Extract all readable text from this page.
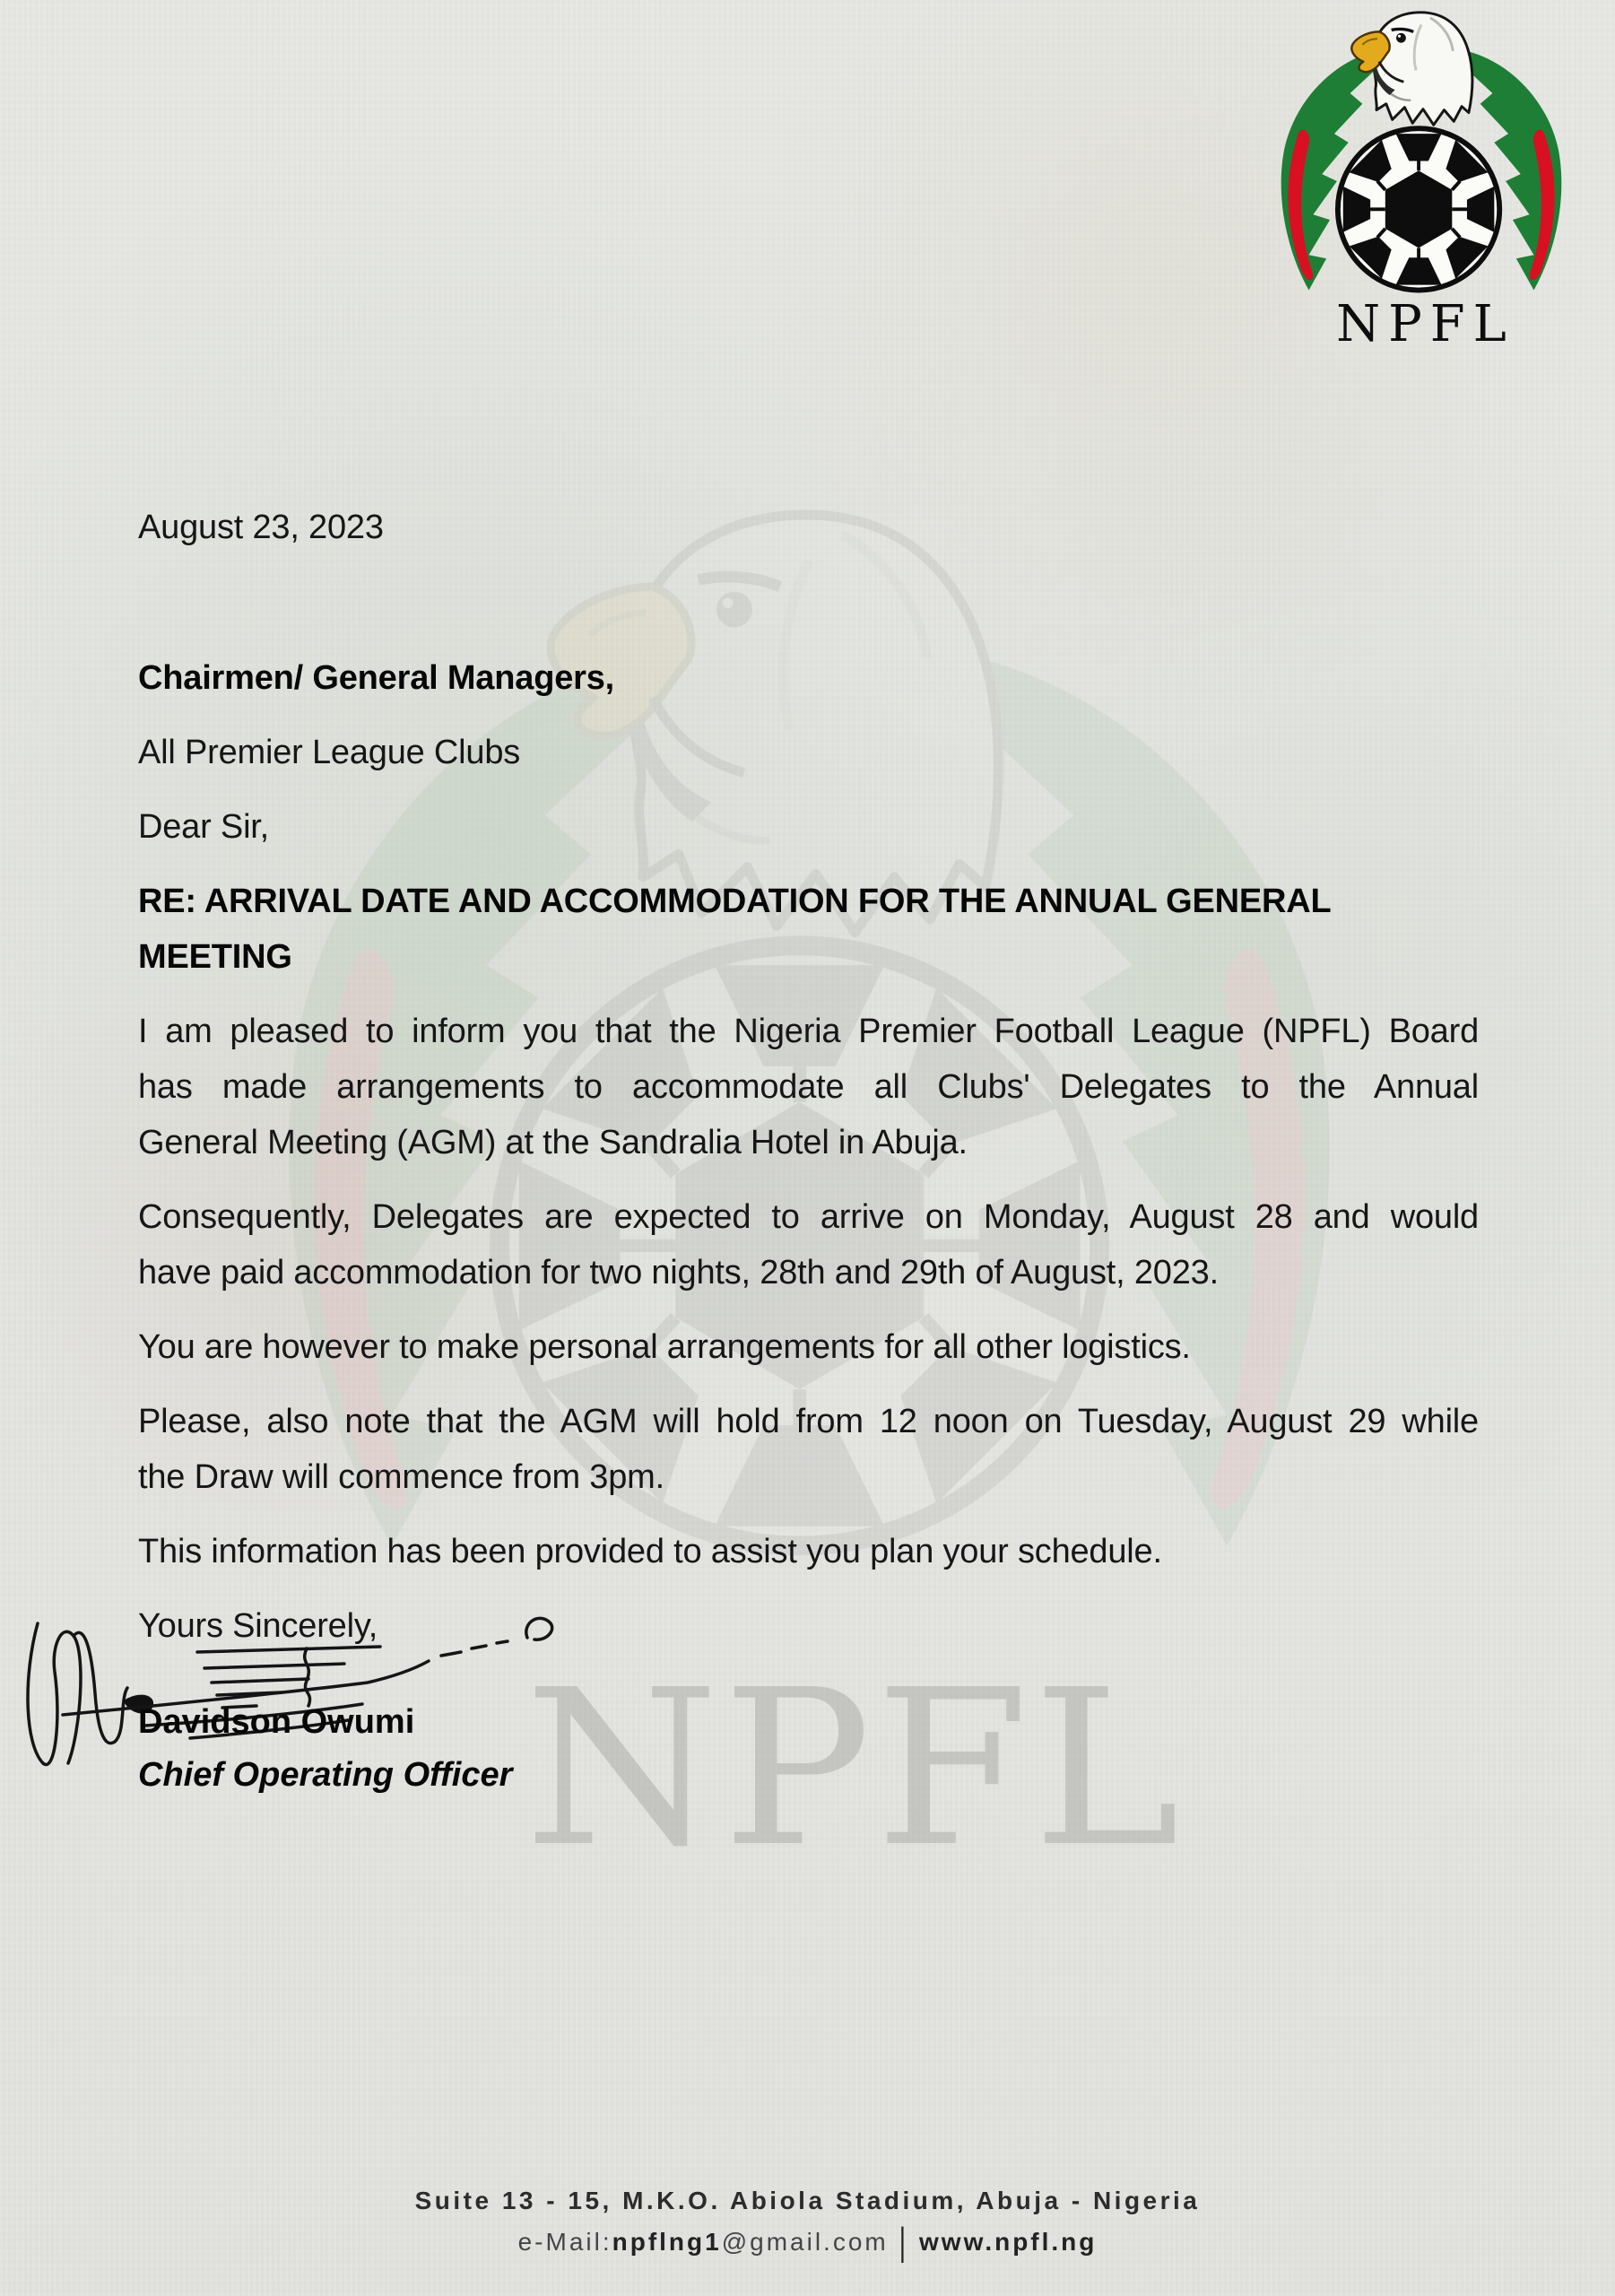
NPFL
NPFL

August 23, 2023

Chairmen/ General Managers,

All Premier League Clubs

Dear Sir,

RE: ARRIVAL DATE AND ACCOMMODATION FOR THE ANNUAL GENERAL MEETING

I am pleased to inform you that the Nigeria Premier Football League (NPFL) Board
has made arrangements to accommodate all Clubs' Delegates to the Annual
General Meeting (AGM) at the Sandralia Hotel in Abuja.
Consequently, Delegates are expected to arrive on Monday, August 28 and would
have paid accommodation for two nights, 28th and 29th of August, 2023.
You are however to make personal arrangements for all other logistics.
Please, also note that the AGM will hold from 12 noon on Tuesday, August 29 while
the Draw will commence from 3pm.
This information has been provided to assist you plan your schedule.

Yours Sincerely,

Davidson Owumi
Chief Operating Officer
Suite 13 - 15, M.K.O. Abiola Stadium, Abuja - Nigeria
e-Mail:npflng1@gmail.com | www.npfl.ng
